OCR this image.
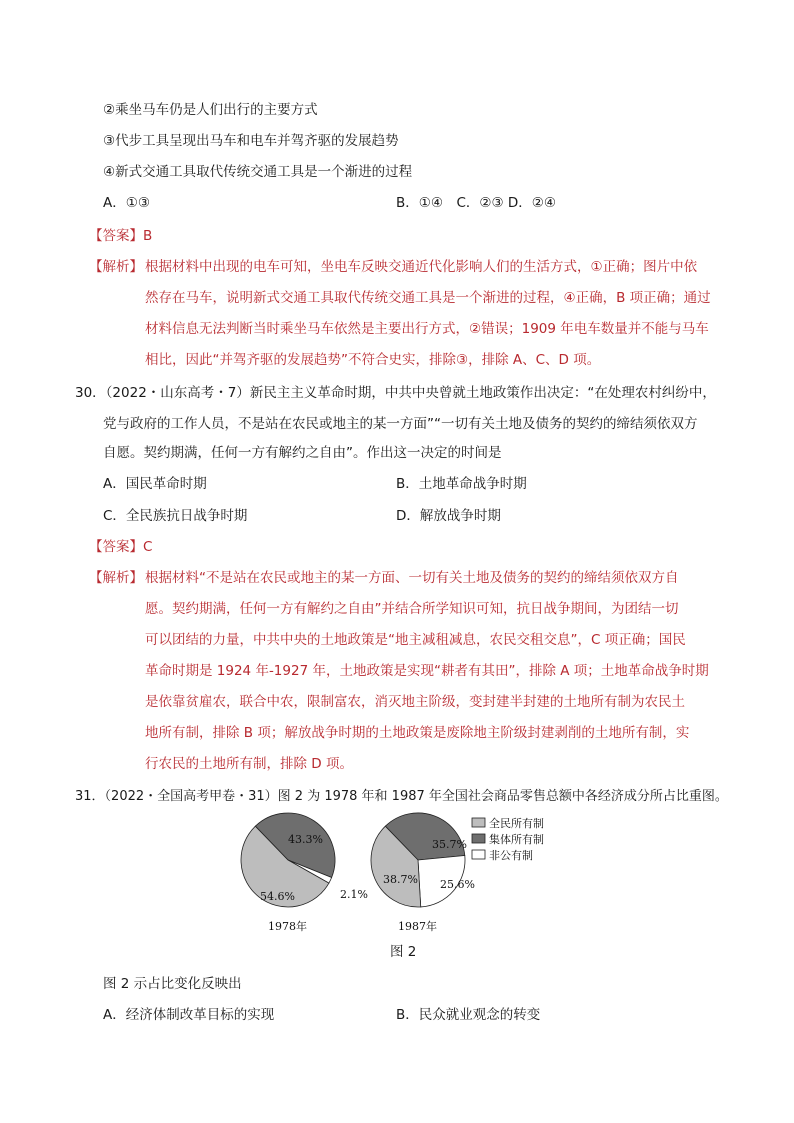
②乘坐马车仍是人们出行的主要方式
③代步工具呈现出马车和电车并驾齐驱的发展趋势
④新式交通工具取代传统交通工具是一个渐进的过程
A．①③	B．①④　C．②③ D．②④
【答案】B
【解析】 根据材料中出现的电车可知，坐电车反映交通近代化影响人们的生活方式，①正确；图片中依
然存在马车，说明新式交通工具取代传统交通工具是一个渐进的过程，④正确，B 项正确；通过
材料信息无法判断当时乘坐马车依然是主要出行方式，②错误；1909 年电车数量并不能与马车
相比，因此“并驾齐驱的发展趋势”不符合史实，排除③，排除 A、C、D 项。
30．（2022・山东高考・7）新民主主义革命时期，中共中央曾就土地政策作出决定：“在处理农村纠纷中，
党与政府的工作人员，不是站在农民或地主的某一方面”“一切有关土地及债务的契约的缔结须依双方
自愿。契约期满，任何一方有解约之自由”。作出这一决定的时间是
A．国民革命时期	B．土地革命战争时期
C．全民族抗日战争时期	D．解放战争时期
【答案】C
【解析】 根据材料“不是站在农民或地主的某一方面、一切有关土地及债务的契约的缔结须依双方自
愿。契约期满，任何一方有解约之自由”并结合所学知识可知，抗日战争期间，为团结一切
可以团结的力量，中共中央的土地政策是“地主减租减息，农民交租交息”，C 项正确；国民
革命时期是 1924 年-1927 年，土地政策是实现“耕者有其田”，排除 A 项；土地革命战争时期
是依靠贫雇农，联合中农，限制富农，消灭地主阶级，变封建半封建的土地所有制为农民土
地所有制，排除 B 项；解放战争时期的土地政策是废除地主阶级封建剥削的土地所有制，实
行农民的土地所有制，排除 D 项。
31．（2022・全国高考甲卷・31）图 2 为 1978 年和 1987 年全国社会商品零售总额中各经济成分所占比重图。
54.6%
43.3%
2.1%
1978年
38.7%
35.7%
25.6%
1987年
全民所有制
集体所有制
非公有制
图 2
图 2 示占比变化反映出
A．经济体制改革目标的实现	B．民众就业观念的转变
